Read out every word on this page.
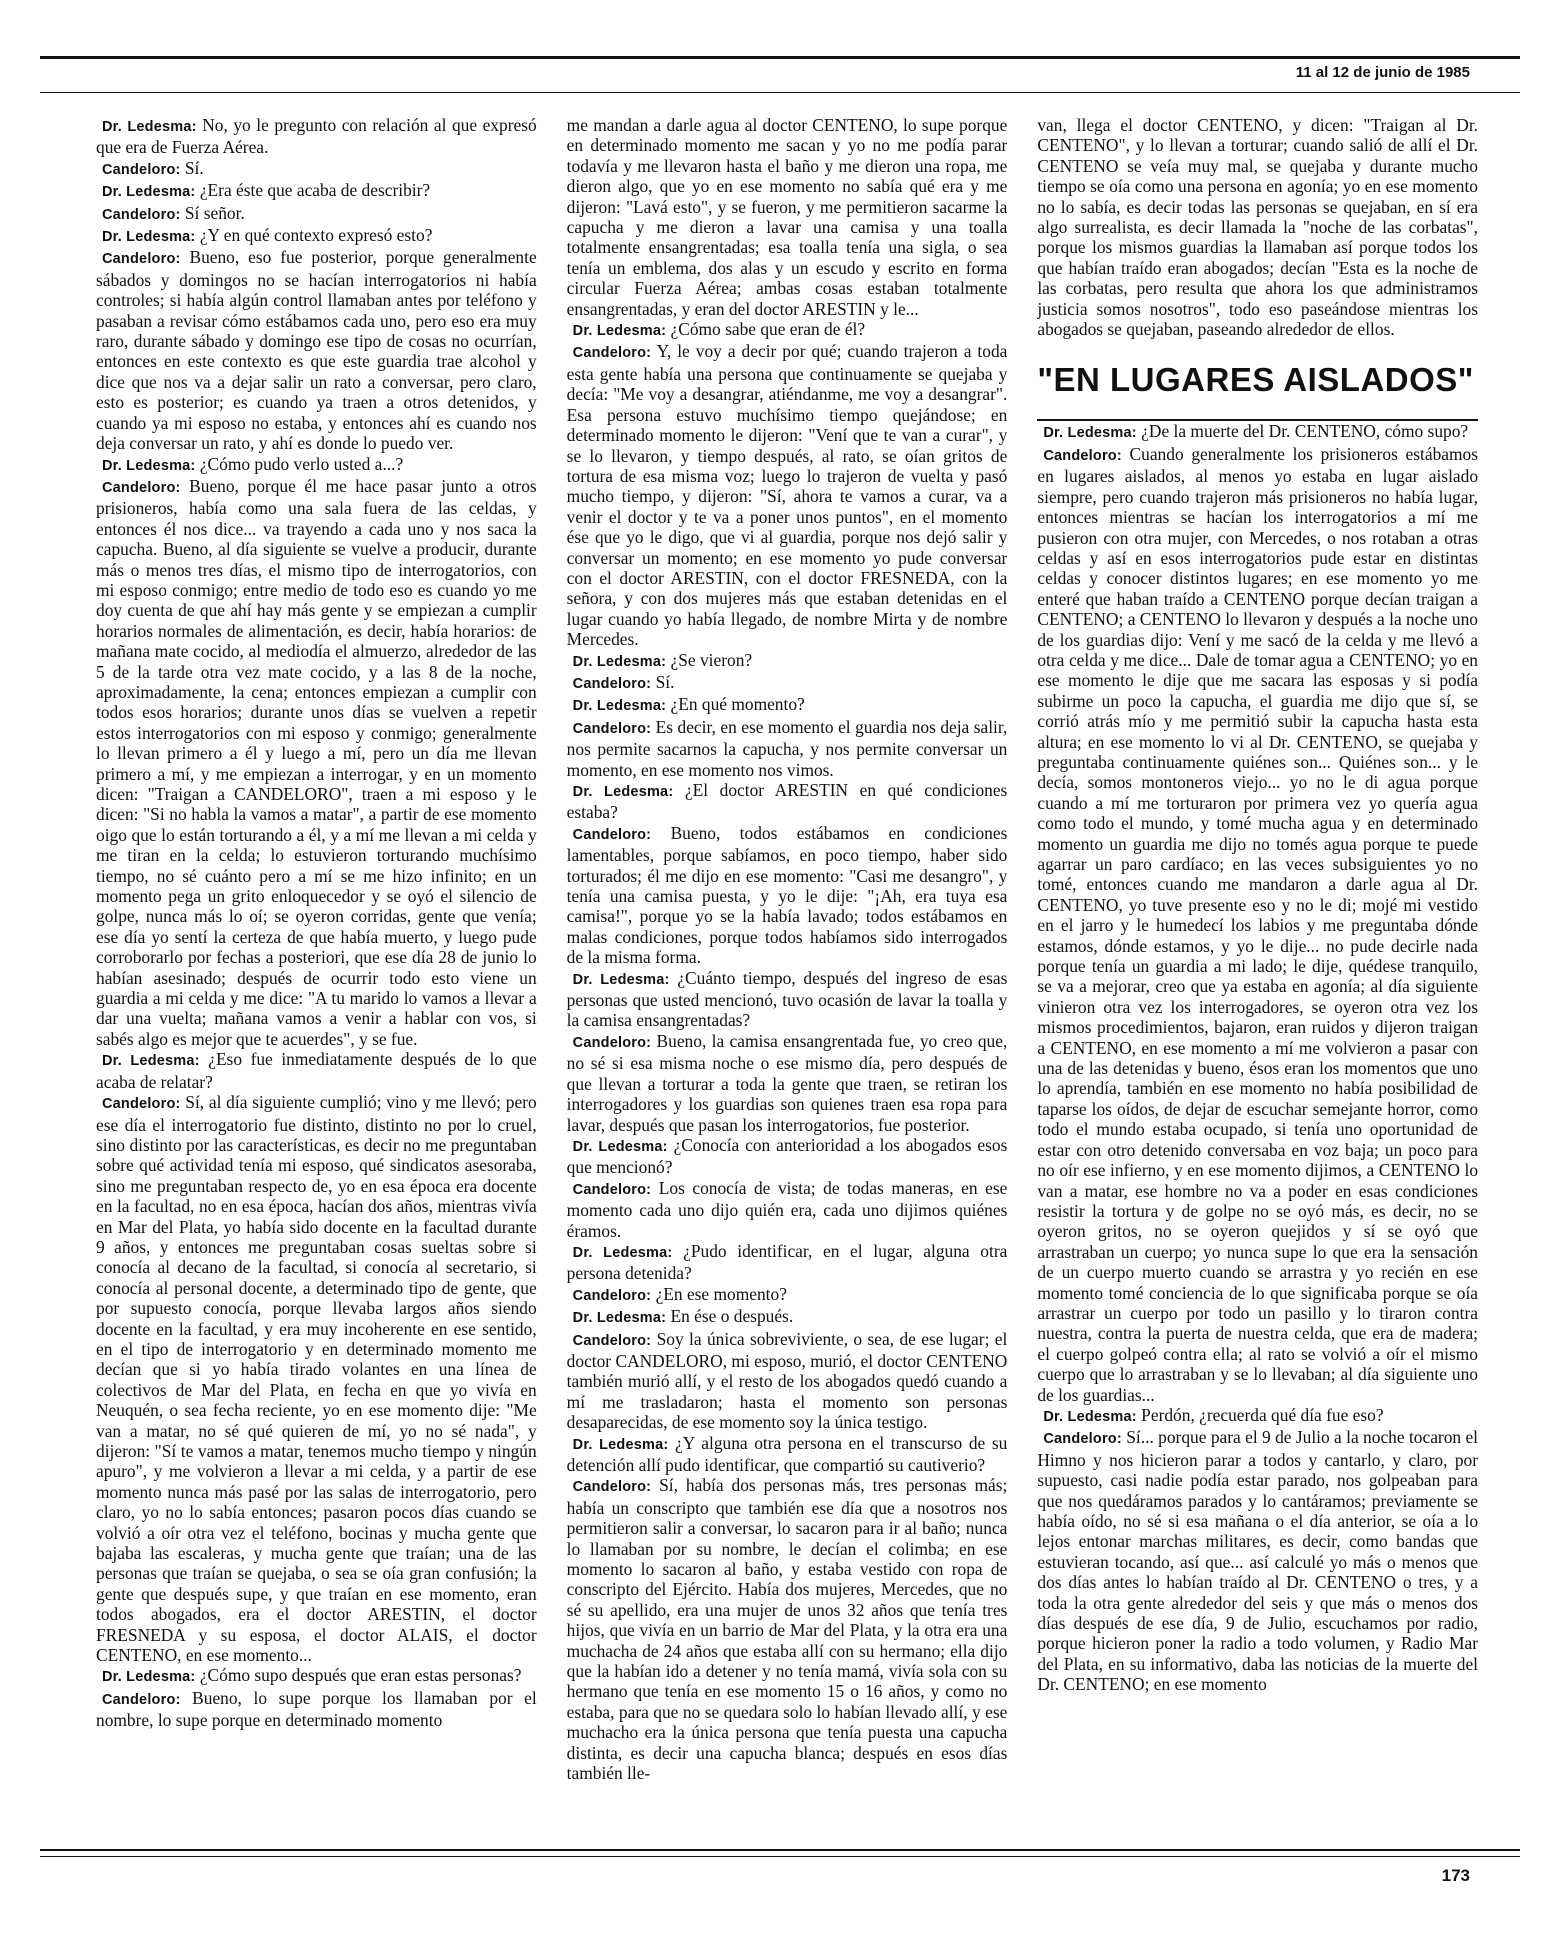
11 al 12 de junio de 1985

Dr. Ledesma: No, yo le pregunto con relación al que expresó que era de Fuerza Aérea.

Candeloro: Sí.

Dr. Ledesma: ¿Era éste que acaba de describir?

Candeloro: Sí señor.

Dr. Ledesma: ¿Y en qué contexto expresó esto?

Candeloro: Bueno, eso fue posterior, porque generalmente sábados y domingos no se hacían interrogatorios ni había controles; si había algún control llamaban antes por teléfono y pasaban a revisar cómo estábamos cada uno, pero eso era muy raro, durante sábado y domingo ese tipo de cosas no ocurrían, entonces en este contexto es que este guardia trae alcohol y dice que nos va a dejar salir un rato a conversar, pero claro, esto es posterior; es cuando ya traen a otros detenidos, y cuando ya mi esposo no estaba, y entonces ahí es cuando nos deja conversar un rato, y ahí es donde lo puedo ver.

Dr. Ledesma: ¿Cómo pudo verlo usted a...?

Candeloro: Bueno, porque él me hace pasar junto a otros prisioneros, había como una sala fuera de las celdas, y entonces él nos dice... va trayendo a cada uno y nos saca la capucha. Bueno, al día siguiente se vuelve a producir, durante más o menos tres días, el mismo tipo de interrogatorios, con mi esposo conmigo; entre medio de todo eso es cuando yo me doy cuenta de que ahí hay más gente y se empiezan a cumplir horarios normales de alimentación, es decir, había horarios: de mañana mate cocido, al mediodía el almuerzo, alrededor de las 5 de la tarde otra vez mate cocido, y a las 8 de la noche, aproximadamente, la cena; entonces empiezan a cumplir con todos esos horarios; durante unos días se vuelven a repetir estos interrogatorios con mi esposo y conmigo; generalmente lo llevan primero a él y luego a mí, pero un día me llevan primero a mí, y me empiezan a interrogar, y en un momento dicen: "Traigan a CANDELORO", traen a mi esposo y le dicen: "Si no habla la vamos a matar", a partir de ese momento oigo que lo están torturando a él, y a mí me llevan a mi celda y me tiran en la celda; lo estuvieron torturando muchísimo tiempo, no sé cuánto pero a mí se me hizo infinito; en un momento pega un grito enloquecedor y se oyó el silencio de golpe, nunca más lo oí; se oyeron corridas, gente que venía; ese día yo sentí la certeza de que había muerto, y luego pude corroborarlo por fechas a posteriori, que ese día 28 de junio lo habían asesinado; después de ocurrir todo esto viene un guardia a mi celda y me dice: "A tu marido lo vamos a llevar a dar una vuelta; mañana vamos a venir a hablar con vos, si sabés algo es mejor que te acuerdes", y se fue.

Dr. Ledesma: ¿Eso fue inmediatamente después de lo que acaba de relatar?

Candeloro: Sí, al día siguiente cumplió; vino y me llevó; pero ese día el interrogatorio fue distinto, distinto no por lo cruel, sino distinto por las características, es decir no me preguntaban sobre qué actividad tenía mi esposo, qué sindicatos asesoraba, sino me preguntaban respecto de, yo en esa época era docente en la facultad, no en esa época, hacían dos años, mientras vivía en Mar del Plata, yo había sido docente en la facultad durante 9 años, y entonces me preguntaban cosas sueltas sobre si conocía al decano de la facultad, si conocía al secretario, si conocía al personal docente, a determinado tipo de gente, que por supuesto conocía, porque llevaba largos años siendo docente en la facultad, y era muy incoherente en ese sentido, en el tipo de interrogatorio y en determinado momento me decían que si yo había tirado volantes en una línea de colectivos de Mar del Plata, en fecha en que yo vivía en Neuquén, o sea fecha reciente, yo en ese momento dije: "Me van a matar, no sé qué quieren de mí, yo no sé nada", y dijeron: "Sí te vamos a matar, tenemos mucho tiempo y ningún apuro", y me volvieron a llevar a mi celda, y a partir de ese momento nunca más pasé por las salas de interrogatorio, pero claro, yo no lo sabía entonces; pasaron pocos días cuando se volvió a oír otra vez el teléfono, bocinas y mucha gente que bajaba las escaleras, y mucha gente que traían; una de las personas que traían se quejaba, o sea se oía gran confusión; la gente que después supe, y que traían en ese momento, eran todos abogados, era el doctor ARESTIN, el doctor FRESNEDA y su esposa, el doctor ALAIS, el doctor CENTENO, en ese momento...

Dr. Ledesma: ¿Cómo supo después que eran estas personas?

Candeloro: Bueno, lo supe porque los llamaban por el nombre, lo supe porque en determinado momento

me mandan a darle agua al doctor CENTENO, lo supe porque en determinado momento me sacan y yo no me podía parar todavía y me llevaron hasta el baño y me dieron una ropa, me dieron algo, que yo en ese momento no sabía qué era y me dijeron: "Lavá esto", y se fueron, y me permitieron sacarme la capucha y me dieron a lavar una camisa y una toalla totalmente ensangrentadas; esa toalla tenía una sigla, o sea tenía un emblema, dos alas y un escudo y escrito en forma circular Fuerza Aérea; ambas cosas estaban totalmente ensangrentadas, y eran del doctor ARESTIN y le...

Dr. Ledesma: ¿Cómo sabe que eran de él?

Candeloro: Y, le voy a decir por qué; cuando trajeron a toda esta gente había una persona que continuamente se quejaba y decía: "Me voy a desangrar, atiéndanme, me voy a desangrar". Esa persona estuvo muchísimo tiempo quejándose; en determinado momento le dijeron: "Vení que te van a curar", y se lo llevaron, y tiempo después, al rato, se oían gritos de tortura de esa misma voz; luego lo trajeron de vuelta y pasó mucho tiempo, y dijeron: "Sí, ahora te vamos a curar, va a venir el doctor y te va a poner unos puntos", en el momento ése que yo le digo, que vi al guardia, porque nos dejó salir y conversar un momento; en ese momento yo pude conversar con el doctor ARESTIN, con el doctor FRESNEDA, con la señora, y con dos mujeres más que estaban detenidas en el lugar cuando yo había llegado, de nombre Mirta y de nombre Mercedes.

Dr. Ledesma: ¿Se vieron?

Candeloro: Sí.

Dr. Ledesma: ¿En qué momento?

Candeloro: Es decir, en ese momento el guardia nos deja salir, nos permite sacarnos la capucha, y nos permite conversar un momento, en ese momento nos vimos.

Dr. Ledesma: ¿El doctor ARESTIN en qué condiciones estaba?

Candeloro: Bueno, todos estábamos en condiciones lamentables, porque sabíamos, en poco tiempo, haber sido torturados; él me dijo en ese momento: "Casi me desangro", y tenía una camisa puesta, y yo le dije: "¡Ah, era tuya esa camisa!", porque yo se la había lavado; todos estábamos en malas condiciones, porque todos habíamos sido interrogados de la misma forma.

Dr. Ledesma: ¿Cuánto tiempo, después del ingreso de esas personas que usted mencionó, tuvo ocasión de lavar la toalla y la camisa ensangrentadas?

Candeloro: Bueno, la camisa ensangrentada fue, yo creo que, no sé si esa misma noche o ese mismo día, pero después de que llevan a torturar a toda la gente que traen, se retiran los interrogadores y los guardias son quienes traen esa ropa para lavar, después que pasan los interrogatorios, fue posterior.

Dr. Ledesma: ¿Conocía con anterioridad a los abogados esos que mencionó?

Candeloro: Los conocía de vista; de todas maneras, en ese momento cada uno dijo quién era, cada uno dijimos quiénes éramos.

Dr. Ledesma: ¿Pudo identificar, en el lugar, alguna otra persona detenida?

Candeloro: ¿En ese momento?

Dr. Ledesma: En ése o después.

Candeloro: Soy la única sobreviviente, o sea, de ese lugar; el doctor CANDELORO, mi esposo, murió, el doctor CENTENO también murió allí, y el resto de los abogados quedó cuando a mí me trasladaron; hasta el momento son personas desaparecidas, de ese momento soy la única testigo.

Dr. Ledesma: ¿Y alguna otra persona en el transcurso de su detención allí pudo identificar, que compartió su cautiverio?

Candeloro: Sí, había dos personas más, tres personas más; había un conscripto que también ese día que a nosotros nos permitieron salir a conversar, lo sacaron para ir al baño; nunca lo llamaban por su nombre, le decían el colimba; en ese momento lo sacaron al baño, y estaba vestido con ropa de conscripto del Ejército. Había dos mujeres, Mercedes, que no sé su apellido, era una mujer de unos 32 años que tenía tres hijos, que vivía en un barrio de Mar del Plata, y la otra era una muchacha de 24 años que estaba allí con su hermano; ella dijo que la habían ido a detener y no tenía mamá, vivía sola con su hermano que tenía en ese momento 15 o 16 años, y como no estaba, para que no se quedara solo lo habían llevado allí, y ese muchacho era la única persona que tenía puesta una capucha distinta, es decir una capucha blanca; después en esos días también lle-

van, llega el doctor CENTENO, y dicen: "Traigan al Dr. CENTENO", y lo llevan a torturar; cuando salió de allí el Dr. CENTENO se veía muy mal, se quejaba y durante mucho tiempo se oía como una persona en agonía; yo en ese momento no lo sabía, es decir todas las personas se quejaban, en sí era algo surrealista, es decir llamada la "noche de las corbatas", porque los mismos guardias la llamaban así porque todos los que habían traído eran abogados; decían "Esta es la noche de las corbatas, pero resulta que ahora los que administramos justicia somos nosotros", todo eso paseándose mientras los abogados se quejaban, paseando alrededor de ellos.

"EN LUGARES AISLADOS"

Dr. Ledesma: ¿De la muerte del Dr. CENTENO, cómo supo?

Candeloro: Cuando generalmente los prisioneros estábamos en lugares aislados, al menos yo estaba en lugar aislado siempre, pero cuando trajeron más prisioneros no había lugar, entonces mientras se hacían los interrogatorios a mí me pusieron con otra mujer, con Mercedes, o nos rotaban a otras celdas y así en esos interrogatorios pude estar en distintas celdas y conocer distintos lugares; en ese momento yo me enteré que haban traído a CENTENO porque decían traigan a CENTENO; a CENTENO lo llevaron y después a la noche uno de los guardias dijo: Vení y me sacó de la celda y me llevó a otra celda y me dice... Dale de tomar agua a CENTENO; yo en ese momento le dije que me sacara las esposas y si podía subirme un poco la capucha, el guardia me dijo que sí, se corrió atrás mío y me permitió subir la capucha hasta esta altura; en ese momento lo vi al Dr. CENTENO, se quejaba y preguntaba continuamente quiénes son... Quiénes son... y le decía, somos montoneros viejo... yo no le di agua porque cuando a mí me torturaron por primera vez yo quería agua como todo el mundo, y tomé mucha agua y en determinado momento un guardia me dijo no tomés agua porque te puede agarrar un paro cardíaco; en las veces subsiguientes yo no tomé, entonces cuando me mandaron a darle agua al Dr. CENTENO, yo tuve presente eso y no le di; mojé mi vestido en el jarro y le humedecí los labios y me preguntaba dónde estamos, dónde estamos, y yo le dije... no pude decirle nada porque tenía un guardia a mi lado; le dije, quédese tranquilo, se va a mejorar, creo que ya estaba en agonía; al día siguiente vinieron otra vez los interrogadores, se oyeron otra vez los mismos procedimientos, bajaron, eran ruidos y dijeron traigan a CENTENO, en ese momento a mí me volvieron a pasar con una de las detenidas y bueno, ésos eran los momentos que uno lo aprendía, también en ese momento no había posibilidad de taparse los oídos, de dejar de escuchar semejante horror, como todo el mundo estaba ocupado, si tenía uno oportunidad de estar con otro detenido conversaba en voz baja; un poco para no oír ese infierno, y en ese momento dijimos, a CENTENO lo van a matar, ese hombre no va a poder en esas condiciones resistir la tortura y de golpe no se oyó más, es decir, no se oyeron gritos, no se oyeron quejidos y sí se oyó que arrastraban un cuerpo; yo nunca supe lo que era la sensación de un cuerpo muerto cuando se arrastra y yo recién en ese momento tomé conciencia de lo que significaba porque se oía arrastrar un cuerpo por todo un pasillo y lo tiraron contra nuestra, contra la puerta de nuestra celda, que era de madera; el cuerpo golpeó contra ella; al rato se volvió a oír el mismo cuerpo que lo arrastraban y se lo llevaban; al día siguiente uno de los guardias...

Dr. Ledesma: Perdón, ¿recuerda qué día fue eso?

Candeloro: Sí... porque para el 9 de Julio a la noche tocaron el Himno y nos hicieron parar a todos y cantarlo, y claro, por supuesto, casi nadie podía estar parado, nos golpeaban para que nos quedáramos parados y lo cantáramos; previamente se había oído, no sé si esa mañana o el día anterior, se oía a lo lejos entonar marchas militares, es decir, como bandas que estuvieran tocando, así que... así calculé yo más o menos que dos días antes lo habían traído al Dr. CENTENO o tres, y a toda la otra gente alrededor del seis y que más o menos dos días después de ese día, 9 de Julio, escuchamos por radio, porque hicieron poner la radio a todo volumen, y Radio Mar del Plata, en su informativo, daba las noticias de la muerte del Dr. CENTENO; en ese momento

173
